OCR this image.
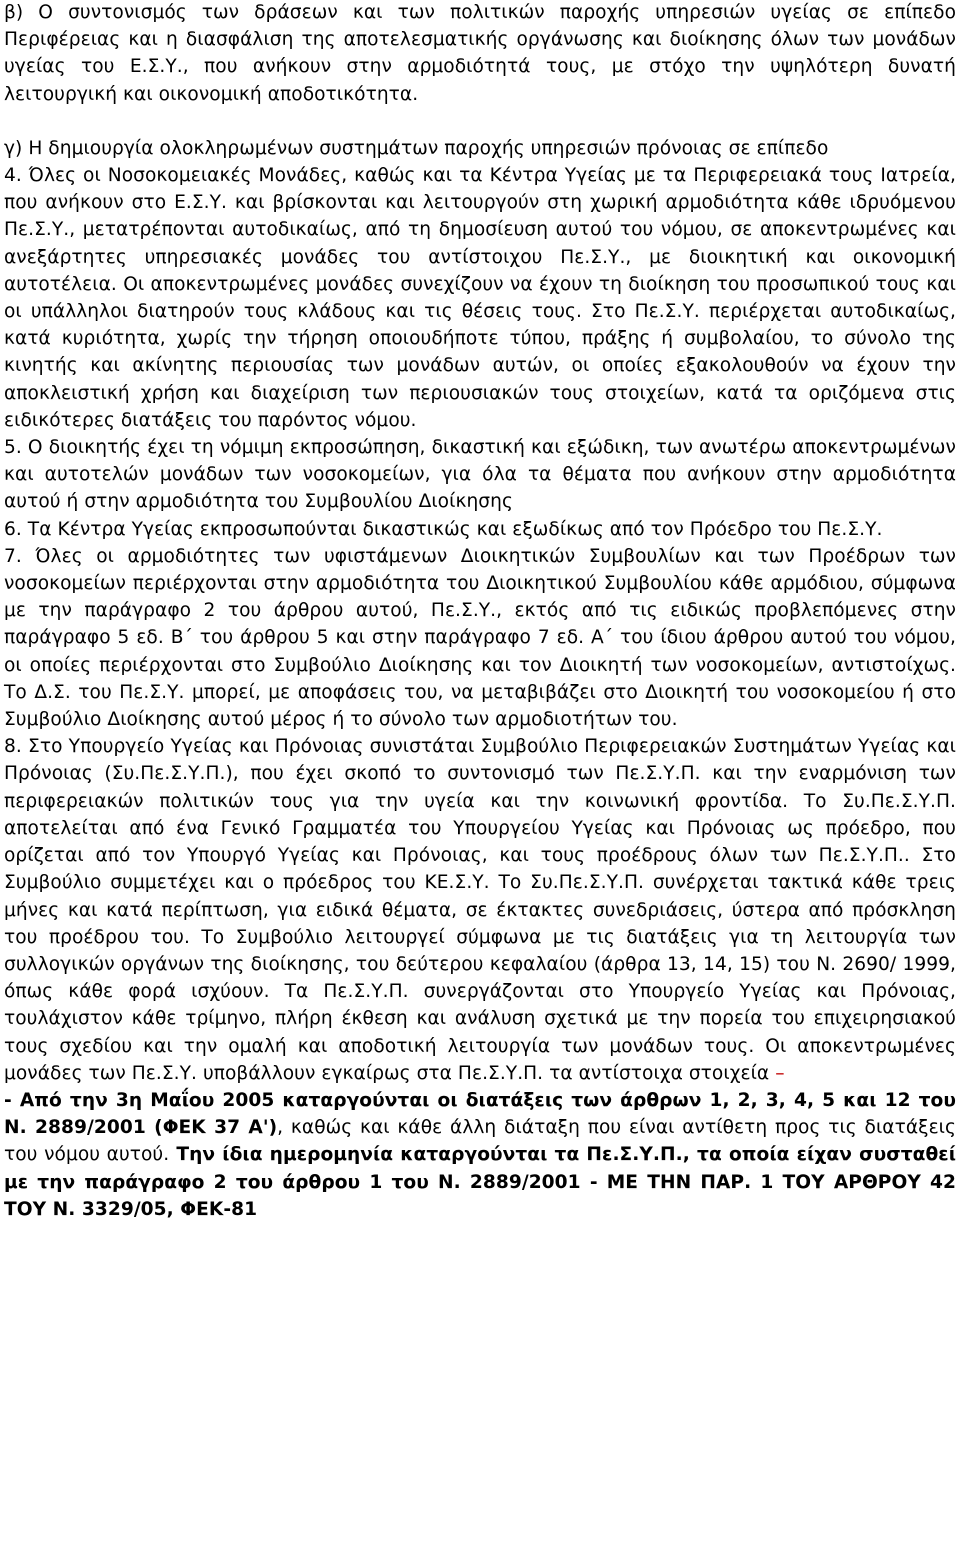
β) Ο συντονισμός των δράσεων και των πολιτικών παροχής υπηρεσιών υγείας σε επίπεδο Περιφέρειας και η διασφάλιση της αποτελεσματικής οργάνωσης και διοίκησης όλων των μονάδων υγείας του Ε.Σ.Υ., που ανήκουν στην αρμοδιότητά τους, με στόχο την υψηλότερη δυνατή λειτουργική και οικονομική αποδοτικότητα.

γ) Η δημιουργία ολοκληρωμένων συστημάτων παροχής υπηρεσιών πρόνοιας σε επίπεδο

4. Όλες οι Νοσοκομειακές Μονάδες, καθώς και τα Κέντρα Υγείας με τα Περιφερειακά τους Ιατρεία, που ανήκουν στο Ε.Σ.Υ. και βρίσκονται και λειτουργούν στη χωρική αρμοδιότητα κάθε ιδρυόμενου Πε.Σ.Υ., μετατρέπονται αυτοδικαίως, από τη δημοσίευση αυτού του νόμου, σε αποκεντρωμένες και ανεξάρτητες υπηρεσιακές μονάδες του αντίστοιχου Πε.Σ.Υ., με διοικητική και οικονομική αυτοτέλεια. Οι αποκεντρωμένες μονάδες συνεχίζουν να έχουν τη διοίκηση του προσωπικού τους και οι υπάλληλοι διατηρούν τους κλάδους και τις θέσεις τους. Στο Πε.Σ.Υ. περιέρχεται αυτοδικαίως, κατά κυριότητα, χωρίς την τήρηση οποιουδήποτε τύπου, πράξης ή συμβολαίου, το σύνολο της κινητής και ακίνητης περιουσίας των μονάδων αυτών, οι οποίες εξακολουθούν να έχουν την αποκλειστική χρήση και διαχείριση των περιουσιακών τους στοιχείων, κατά τα οριζόμενα στις ειδικότερες διατάξεις του παρόντος νόμου.

5. Ο διοικητής έχει τη νόμιμη εκπροσώπηση, δικαστική και εξώδικη, των ανωτέρω αποκεντρωμένων και αυτοτελών μονάδων των νοσοκομείων, για όλα τα θέματα που ανήκουν στην αρμοδιότητα αυτού ή στην αρμοδιότητα του Συμβουλίου Διοίκησης

6. Τα Κέντρα Υγείας εκπροσωπούνται δικαστικώς και εξωδίκως από τον Πρόεδρο του Πε.Σ.Υ.

7. Όλες οι αρμοδιότητες των υφιστάμενων Διοικητικών Συμβουλίων και των Προέδρων των νοσοκομείων περιέρχονται στην αρμοδιότητα του Διοικητικού Συμβουλίου κάθε αρμόδιου, σύμφωνα με την παράγραφο 2 του άρθρου αυτού, Πε.Σ.Υ., εκτός από τις ειδικώς προβλεπόμενες στην παράγραφο 5 εδ. Β΄ του άρθρου 5 και στην παράγραφο 7 εδ. Α΄ του ίδιου άρθρου αυτού του νόμου, οι οποίες περιέρχονται στο Συμβούλιο Διοίκησης και τον Διοικητή των νοσοκομείων, αντιστοίχως. Το Δ.Σ. του Πε.Σ.Υ. μπορεί, με αποφάσεις του, να μεταβιβάζει στο Διοικητή του νοσοκομείου ή στο Συμβούλιο Διοίκησης αυτού μέρος ή το σύνολο των αρμοδιοτήτων του.

8. Στο Υπουργείο Υγείας και Πρόνοιας συνιστάται Συμβούλιο Περιφερειακών Συστημάτων Υγείας και Πρόνοιας (Συ.Πε.Σ.Υ.Π.), που έχει σκοπό το συντονισμό των Πε.Σ.Υ.Π. και την εναρμόνιση των περιφερειακών πολιτικών τους για την υγεία και την κοινωνική φροντίδα. Το Συ.Πε.Σ.Υ.Π. αποτελείται από ένα Γενικό Γραμματέα του Υπουργείου Υγείας και Πρόνοιας ως πρόεδρο, που ορίζεται από τον Υπουργό Υγείας και Πρόνοιας, και τους προέδρους όλων των Πε.Σ.Υ.Π.. Στο Συμβούλιο συμμετέχει και ο πρόεδρος του ΚΕ.Σ.Υ. Το Συ.Πε.Σ.Υ.Π. συνέρχεται τακτικά κάθε τρεις μήνες και κατά περίπτωση, για ειδικά θέματα, σε έκτακτες συνεδριάσεις, ύστερα από πρόσκληση του προέδρου του. Το Συμβούλιο λειτουργεί σύμφωνα με τις διατάξεις για τη λειτουργία των συλλογικών οργάνων της διοίκησης, του δεύτερου κεφαλαίου (άρθρα 13, 14, 15) του Ν. 2690/ 1999, όπως κάθε φορά ισχύουν. Τα Πε.Σ.Υ.Π. συνεργάζονται στο Υπουργείο Υγείας και Πρόνοιας, τουλάχιστον κάθε τρίμηνο, πλήρη έκθεση και ανάλυση σχετικά με την πορεία του επιχειρησιακού τους σχεδίου και την ομαλή και αποδοτική λειτουργία των μονάδων τους. Οι αποκεντρωμένες μονάδες των Πε.Σ.Υ. υποβάλλουν εγκαίρως στα Πε.Σ.Υ.Π. τα αντίστοιχα στοιχεία –

- Από την 3η Μαΐου 2005 καταργούνται οι διατάξεις των άρθρων 1, 2, 3, 4, 5 και 12 του Ν. 2889/2001 (ΦΕΚ 37 Α'), καθώς και κάθε άλλη διάταξη που είναι αντίθετη προς τις διατάξεις του νόμου αυτού. Την ίδια ημερομηνία καταργούνται τα Πε.Σ.Υ.Π., τα οποία είχαν συσταθεί με την παράγραφο 2 του άρθρου 1 του Ν. 2889/2001 - ΜΕ ΤΗΝ ΠΑΡ. 1 ΤΟΥ ΑΡΘΡΟΥ 42 ΤΟΥ Ν. 3329/05, ΦΕΚ-81
